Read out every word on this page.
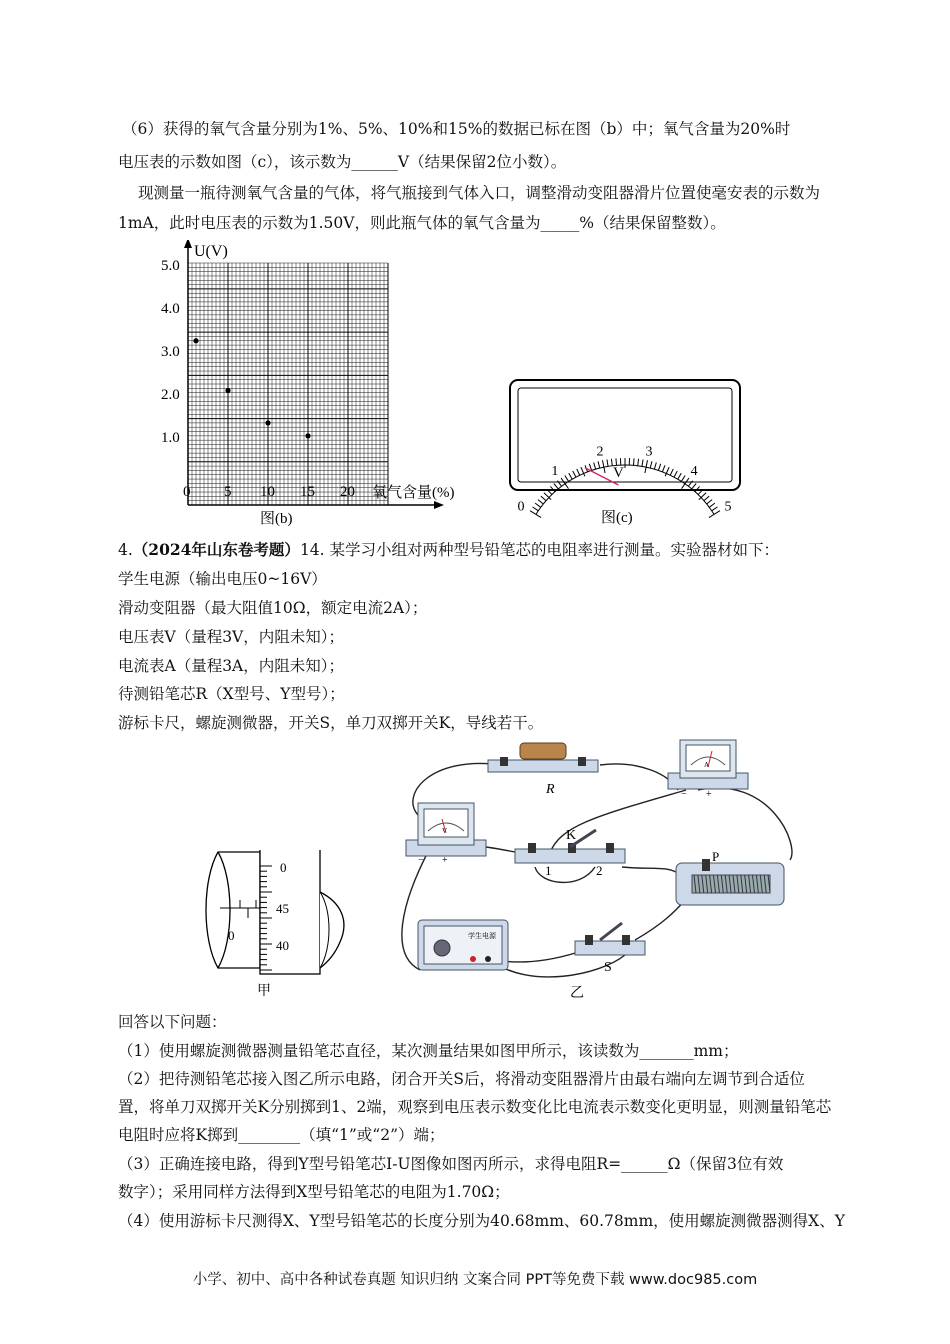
（6）获得的氧气含量分别为1%、5%、10%和15%的数据已标在图（b）中；氧气含量为20%时
电压表的示数如图（c），该示数为______V（结果保留2位小数）。
现测量一瓶待测氧气含量的气体，将气瓶接到气体入口，调整滑动变阻器滑片位置使毫安表的示数为
1mA，此时电压表的示数为1.50V，则此瓶气体的氧气含量为_____%（结果保留整数）。
U(V)
5.0
4.0
3.0
2.0
1.0
0 5 10 15 20 氧气含量(%)
图(b)
0
1
2	3
4
5
V
图(c)
4.（2024年山东卷考题）14. 某学习小组对两种型号铅笔芯的电阻率进行测量。实验器材如下：
学生电源（输出电压0~16V）
滑动变阻器（最大阻值10Ω，额定电流2A）；
电压表V（量程3V，内阻未知）；
电流表A（量程3A，内阻未知）；
待测铅笔芯R（X型号、Y型号）；
游标卡尺，螺旋测微器，开关S，单刀双掷开关K，导线若干。
0
0
45
40
甲
R
A
− +
V
− +
K
1	2
P
学生电源
S
乙
回答以下问题：
（1）使用螺旋测微器测量铅笔芯直径，某次测量结果如图甲所示，该读数为_______mm；
（2）把待测铅笔芯接入图乙所示电路，闭合开关S后，将滑动变阻器滑片由最右端向左调节到合适位
置，将单刀双掷开关K分别掷到1、2端，观察到电压表示数变化比电流表示数变化更明显，则测量铅笔芯
电阻时应将K掷到________（填“1”或“2”）端；
（3）正确连接电路，得到Y型号铅笔芯I-U图像如图丙所示，求得电阻R=______Ω（保留3位有效
数字）；采用同样方法得到X型号铅笔芯的电阻为1.70Ω；
（4）使用游标卡尺测得X、Y型号铅笔芯的长度分别为40.68mm、60.78mm，使用螺旋测微器测得X、Y
小学、初中、高中各种试卷真题 知识归纳 文案合同 PPT等免费下载 www.doc985.com
